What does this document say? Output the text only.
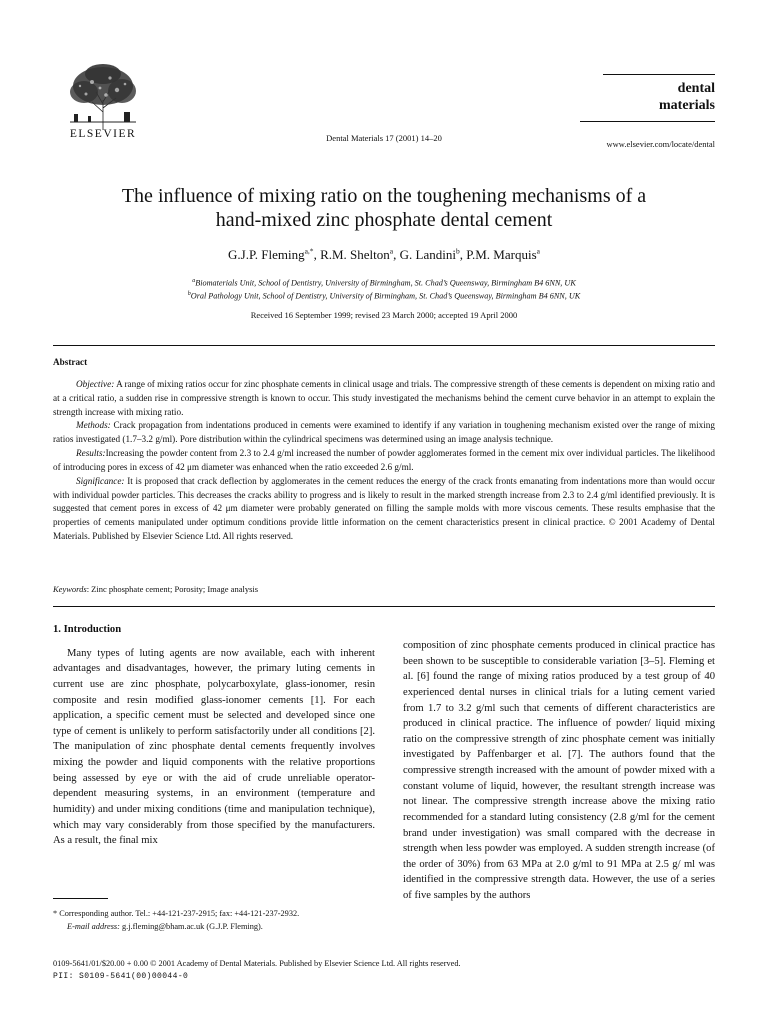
ELSEVIER	Dental Materials 17 (2001) 14–20
dental
materials
www.elsevier.com/locate/dental
The influence of mixing ratio on the toughening mechanisms of a
hand-mixed zinc phosphate dental cement
G.J.P. Fleming$^{a,*}$, R.M. Shelton$^a$, G. Landini$^b$, P.M. Marquis$^a$
$^a$Biomaterials Unit, School of Dentistry, University of Birmingham, St. Chad’s Queensway, Birmingham B4 6NN, UK
$^b$Oral Pathology Unit, School of Dentistry, University of Birmingham, St. Chad’s Queensway, Birmingham B4 6NN, UK
Received 16 September 1999; revised 23 March 2000; accepted 19 April 2000
Abstract

Objective: A range of mixing ratios occur for zinc phosphate cements in clinical usage and trials. The compressive strength of these cements is dependent on mixing ratio and at a critical ratio, a sudden rise in compressive strength is known to occur. This study investigated the mechanisms behind the cement curve behavior in an attempt to explain the strength increase with mixing ratio.

Methods: Crack propagation from indentations produced in cements were examined to identify if any variation in toughening mechanism existed over the range of mixing ratios investigated (1.7–3.2 g/ml). Pore distribution within the cylindrical specimens was determined using an image analysis technique.

Results:Increasing the powder content from 2.3 to 2.4 g/ml increased the number of powder agglomerates formed in the cement mix over individual particles. The likelihood of introducing pores in excess of 42 μm diameter was enhanced when the ratio exceeded 2.6 g/ml.

Significance: It is proposed that crack deflection by agglomerates in the cement reduces the energy of the crack fronts emanating from indentations more than would occur with individual powder particles. This decreases the cracks ability to progress and is likely to result in the marked strength increase from 2.3 to 2.4 g/ml identified previously. It is suggested that cement pores in excess of 42 μm diameter were probably generated on filling the sample molds with more viscous cements. These results emphasise that the properties of cements manipulated under optimum conditions provide little information on the cement characteristics present in clinical practice. © 2001 Academy of Dental Materials. Published by Elsevier Science Ltd. All rights reserved.

Keywords: Zinc phosphate cement; Porosity; Image analysis
1. Introduction

Many types of luting agents are now available, each with inherent advantages and disadvantages, however, the primary luting cements in current use are zinc phosphate, polycarboxylate, glass-ionomer, resin composite and resin modified glass-ionomer cements [1]. For each application, a specific cement must be selected and developed since one type of cement is unlikely to perform satisfactorily under all conditions [2]. The manipulation of zinc phosphate dental cements frequently involves mixing the powder and liquid components with the relative proportions being assessed by eye or with the aid of crude unreliable operator-dependent measuring systems, in an environment (temperature and humidity) and under mixing conditions (time and manipulation technique), which may vary considerably from those specified by the manufacturers. As a result, the final mix

composition of zinc phosphate cements produced in clinical practice has been shown to be susceptible to considerable variation [3–5]. Fleming et al. [6] found the range of mixing ratios produced by a test group of 40 experienced dental nurses in clinical trials for a luting cement varied from 1.7 to 3.2 g/ml such that cements of different characteristics are produced in clinical practice. The influence of powder/ liquid mixing ratio on the compressive strength of zinc phosphate cement was initially investigated by Paffenbarger et al. [7]. The authors found that the compressive strength increased with the amount of powder mixed with a constant volume of liquid, however, the resultant strength increase was not linear. The compressive strength increase above the mixing ratio recommended for a standard luting consistency (2.8 g/ml for the cement brand under investigation) was small compared with the decrease in strength when less powder was employed. A sudden strength increase (of the order of 30%) from 63 MPa at 2.0 g/ml to 91 MPa at 2.5 g/ ml was identified in the compressive strength data. However, the use of a series of five samples by the authors

* Corresponding author. Tel.: +44-121-237-2915; fax: +44-121-237-2932.
E-mail address: g.j.fleming@bham.ac.uk (G.J.P. Fleming).
0109-5641/01/$20.00 + 0.00 © 2001 Academy of Dental Materials. Published by Elsevier Science Ltd. All rights reserved.
PII: S0109-5641(00)00044-0
